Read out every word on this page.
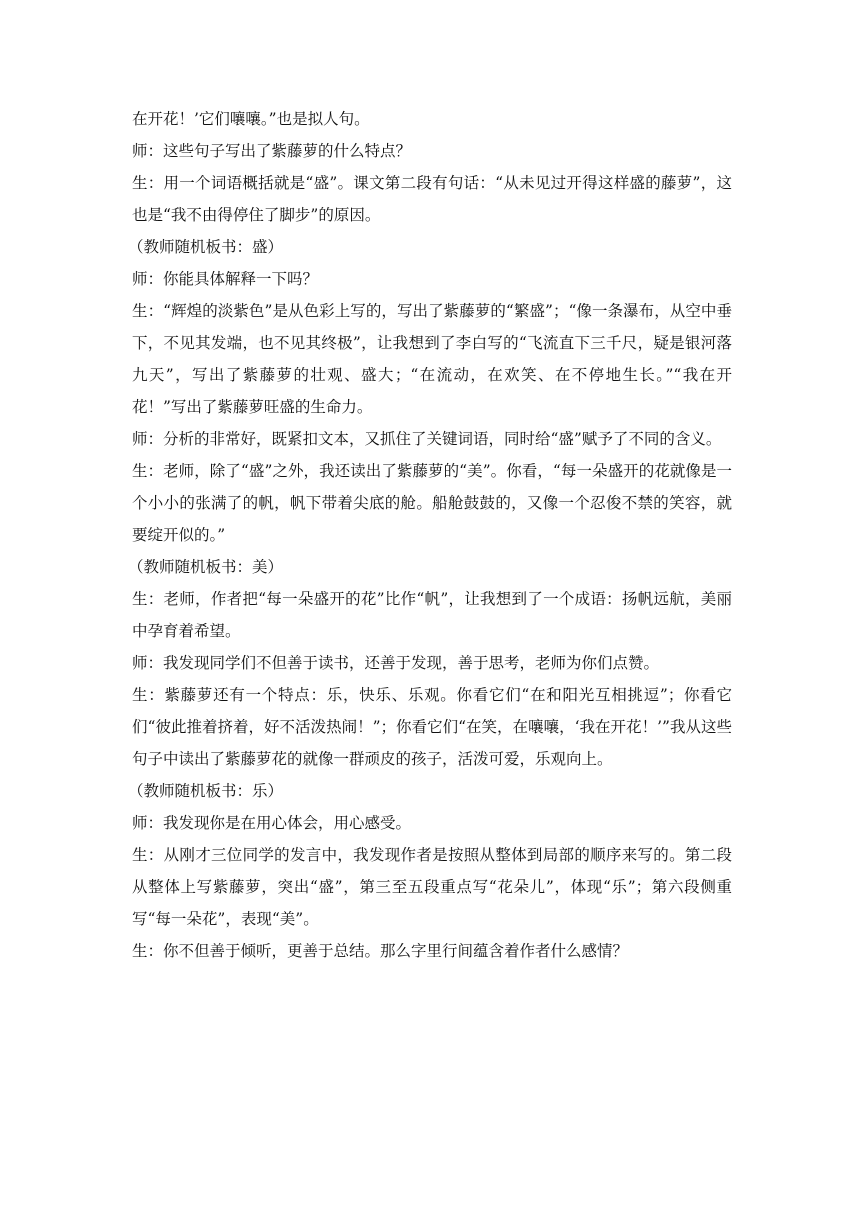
在开花！’它们嚷嚷。”也是拟人句。

师：这些句子写出了紫藤萝的什么特点？

生：用一个词语概括就是“盛”。课文第二段有句话：“从未见过开得这样盛的藤萝”，这也是“我不由得停住了脚步”的原因。

（教师随机板书：盛）

师：你能具体解释一下吗？

生：“辉煌的淡紫色”是从色彩上写的，写出了紫藤萝的“繁盛”；“像一条瀑布，从空中垂下，不见其发端，也不见其终极”，让我想到了李白写的“飞流直下三千尺，疑是银河落九天”，写出了紫藤萝的壮观、盛大；“在流动，在欢笑、在不停地生长。”“我在开花！”写出了紫藤萝旺盛的生命力。

师：分析的非常好，既紧扣文本，又抓住了关键词语，同时给“盛”赋予了不同的含义。

生：老师，除了“盛”之外，我还读出了紫藤萝的“美”。你看，“每一朵盛开的花就像是一个小小的张满了的帆，帆下带着尖底的舱。船舱鼓鼓的，又像一个忍俊不禁的笑容，就要绽开似的。”

（教师随机板书：美）

生：老师，作者把“每一朵盛开的花”比作“帆”，让我想到了一个成语：扬帆远航，美丽中孕育着希望。

师：我发现同学们不但善于读书，还善于发现，善于思考，老师为你们点赞。

生：紫藤萝还有一个特点：乐，快乐、乐观。你看它们“在和阳光互相挑逗”；你看它们“彼此推着挤着，好不活泼热闹！”；你看它们“在笑，在嚷嚷，‘我在开花！’”我从这些句子中读出了紫藤萝花的就像一群顽皮的孩子，活泼可爱，乐观向上。

（教师随机板书：乐）

师：我发现你是在用心体会，用心感受。

生：从刚才三位同学的发言中，我发现作者是按照从整体到局部的顺序来写的。第二段从整体上写紫藤萝，突出“盛”，第三至五段重点写“花朵儿”，体现“乐”；第六段侧重写“每一朵花”，表现“美”。

生：你不但善于倾听，更善于总结。那么字里行间蕴含着作者什么感情？
